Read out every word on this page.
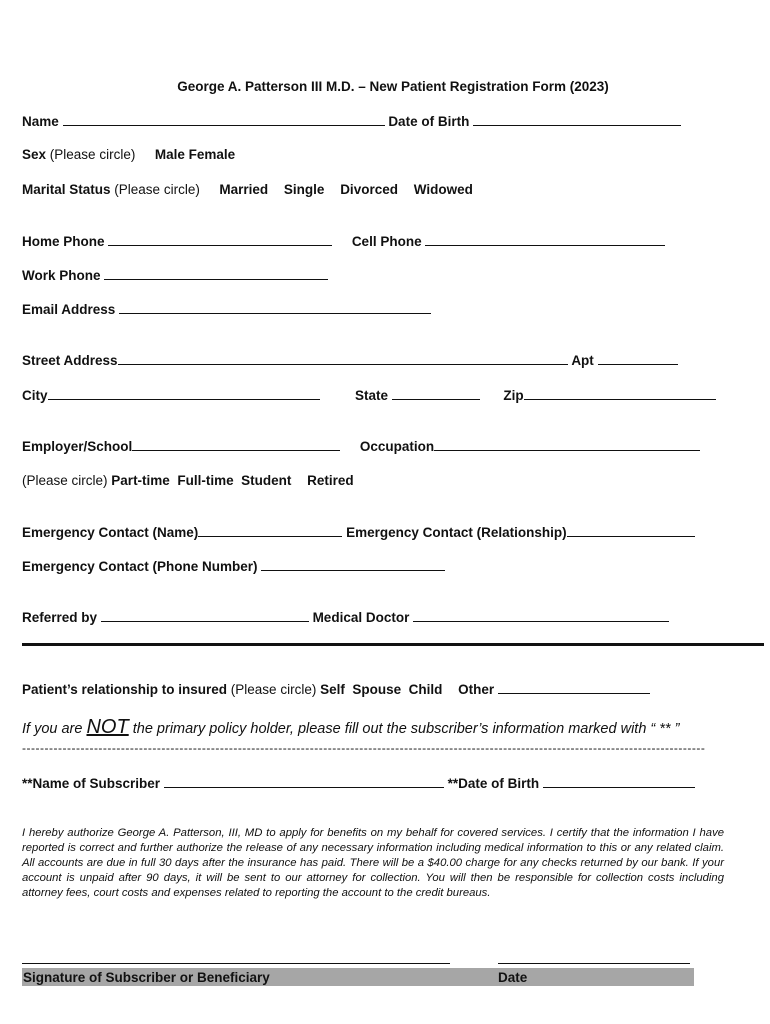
George A. Patterson III M.D. – New Patient Registration Form (2023)
Name	Date of Birth
Sex (Please circle) Male Female
Marital Status (Please circle) Married Single Divorced Widowed
Home Phone	Cell Phone
Work Phone
Email Address
Street Address	Apt
City	State	Zip
Employer/School	Occupation
(Please circle) Part-time Full-time Student Retired
Emergency Contact (Name)	Emergency Contact (Relationship)
Emergency Contact (Phone Number)
Referred by	Medical Doctor
Patient’s relationship to insured (Please circle) Self Spouse Child Other
If you are NOT the primary policy holder, please fill out the subscriber’s information marked with “ ** ”
--------------------------------------------------------------------------------------------------------------------------------------------------------
**Name of Subscriber	**Date of Birth
I hereby authorize George A. Patterson, III, MD to apply for benefits on my behalf for covered services. I certify that the information I have reported is correct and further authorize the release of any necessary information including medical information to this or any related claim. All accounts are due in full 30 days after the insurance has paid. There will be a $40.00 charge for any checks returned by our bank. If your account is unpaid after 90 days, it will be sent to our attorney for collection. You will then be responsible for collection costs including attorney fees, court costs and expenses related to reporting the account to the credit bureaus.
Signature of Subscriber or Beneficiary	Date
